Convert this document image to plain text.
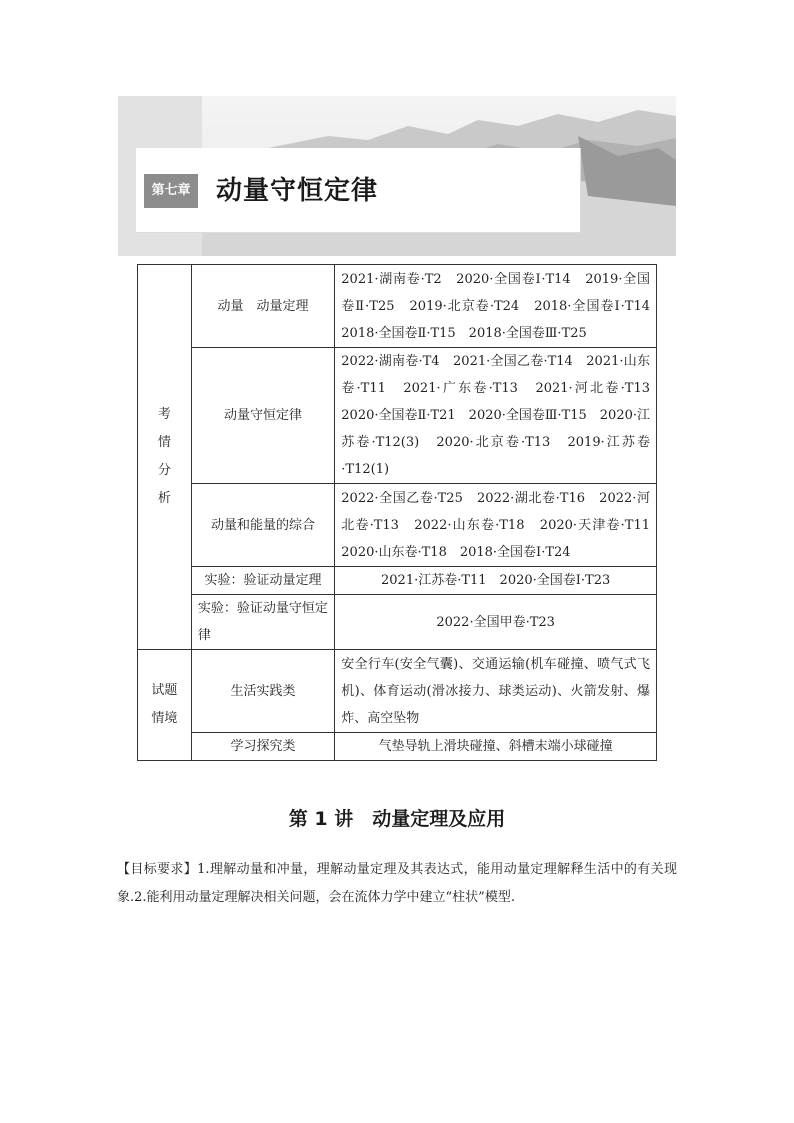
第七章 动量守恒定律
考
情
分
析	动量　动量定理	2021·湖南卷·T2　2020·全国卷Ⅰ·T14　2019·全国卷Ⅱ·T25　2019·北京卷·T24　2018·全国卷Ⅰ·T14　2018·全国卷Ⅱ·T15　2018·全国卷Ⅲ·T25
	动量守恒定律	2022·湖南卷·T4　2021·全国乙卷·T14　2021·山东卷·T11　2021·广东卷·T13　2021·河北卷·T13　2020·全国卷Ⅱ·T21　2020·全国卷Ⅲ·T15　2020·江苏卷·T12(3)　2020·北京卷·T13　2019·江苏卷·T12(1)
	动量和能量的综合	2022·全国乙卷·T25　2022·湖北卷·T16　2022·河北卷·T13　2022·山东卷·T18　2020·天津卷·T11　2020·山东卷·T18　2018·全国卷Ⅰ·T24
	实验：验证动量定理	2021·江苏卷·T11　2020·全国卷Ⅰ·T23
	实验：验证动量守恒定律	2022·全国甲卷·T23

试题
情境	生活实践类	安全行车(安全气囊)、交通运输(机车碰撞、喷气式飞机)、体育运动(滑冰接力、球类运动)、火箭发射、爆炸、高空坠物
	学习探究类	气垫导轨上滑块碰撞、斜槽末端小球碰撞
第 1 讲　动量定理及应用
【目标要求】1.理解动量和冲量，理解动量定理及其表达式，能用动量定理解释生活中的有关现象.2.能利用动量定理解决相关问题，会在流体力学中建立“柱状”模型.
